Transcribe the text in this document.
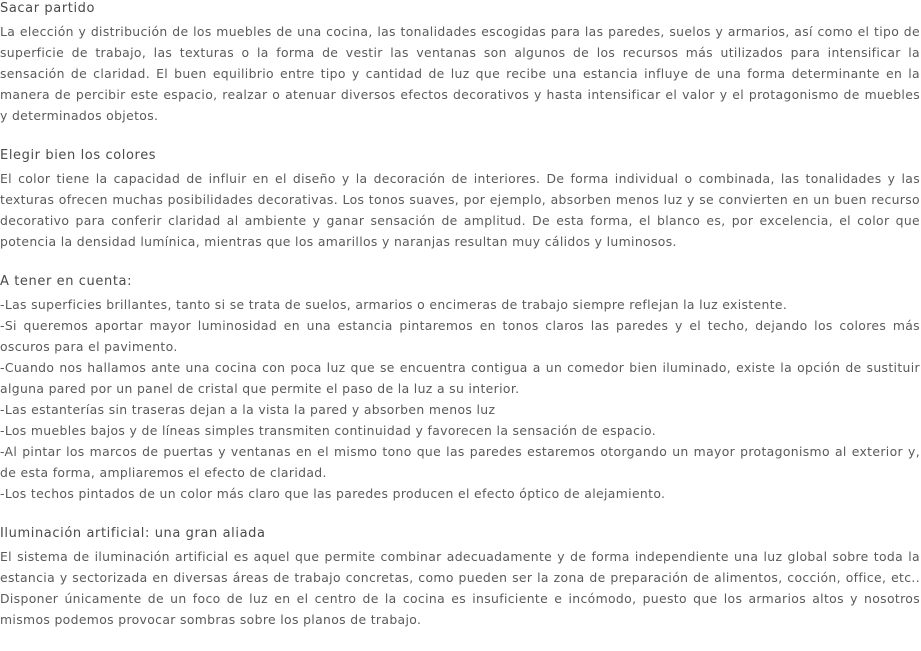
Sacar partido

La elección y distribución de los muebles de una cocina, las tonalidades escogidas para las paredes, suelos y armarios, así como el tipo de superficie de trabajo, las texturas o la forma de vestir las ventanas son algunos de los recursos más utilizados para intensificar la sensación de claridad. El buen equilibrio entre tipo y cantidad de luz que recibe una estancia influye de una forma determinante en la manera de percibir este espacio, realzar o atenuar diversos efectos decorativos y hasta intensificar el valor y el protagonismo de muebles y determinados objetos.

Elegir bien los colores

El color tiene la capacidad de influir en el diseño y la decoración de interiores. De forma individual o combinada, las tonalidades y las texturas ofrecen muchas posibilidades decorativas. Los tonos suaves, por ejemplo, absorben menos luz y se convierten en un buen recurso decorativo para conferir claridad al ambiente y ganar sensación de amplitud. De esta forma, el blanco es, por excelencia, el color que potencia la densidad lumínica, mientras que los amarillos y naranjas resultan muy cálidos y luminosos.

A tener en cuenta:
-Las superficies brillantes, tanto si se trata de suelos, armarios o encimeras de trabajo siempre reflejan la luz existente.
-Si queremos aportar mayor luminosidad en una estancia pintaremos en tonos claros las paredes y el techo, dejando los colores más oscuros para el pavimento.
-Cuando nos hallamos ante una cocina con poca luz que se encuentra contigua a un comedor bien iluminado, existe la opción de sustituir alguna pared por un panel de cristal que permite el paso de la luz a su interior.
-Las estanterías sin traseras dejan a la vista la pared y absorben menos luz
-Los muebles bajos y de líneas simples transmiten continuidad y favorecen la sensación de espacio.
-Al pintar los marcos de puertas y ventanas en el mismo tono que las paredes estaremos otorgando un mayor protagonismo al exterior y, de esta forma, ampliaremos el efecto de claridad.
-Los techos pintados de un color más claro que las paredes producen el efecto óptico de alejamiento.
Iluminación artificial: una gran aliada

El sistema de iluminación artificial es aquel que permite combinar adecuadamente y de forma independiente una luz global sobre toda la estancia y sectorizada en diversas áreas de trabajo concretas, como pueden ser la zona de preparación de alimentos, cocción, office, etc.. Disponer únicamente de un foco de luz en el centro de la cocina es insuficiente e incómodo, puesto que los armarios altos y nosotros mismos podemos provocar sombras sobre los planos de trabajo.
